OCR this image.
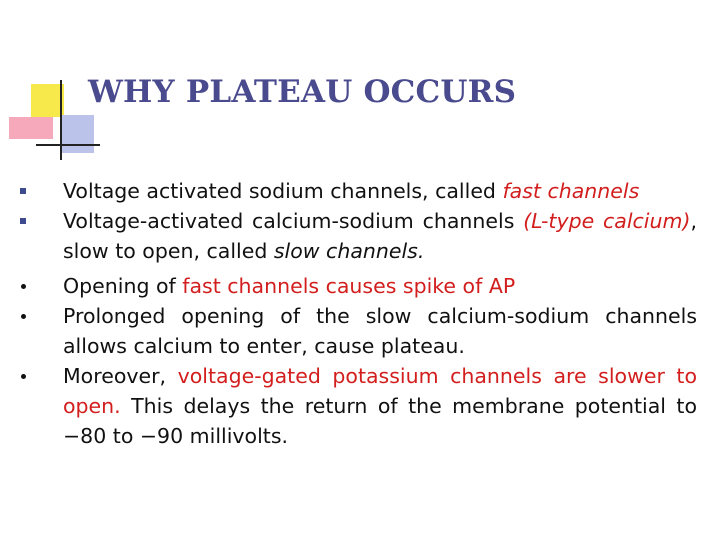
WHY PLATEAU OCCURS
Voltage activated sodium channels, called fast channels
Voltage-activated calcium-sodium channels (L-type calcium), slow to open, called slow channels.
Opening of fast channels causes spike of AP
Prolonged opening of the slow calcium-sodium channels allows calcium to enter, cause plateau.
Moreover, voltage-gated potassium channels are slower to open. This delays the return of the membrane potential to −80 to −90 millivolts.
